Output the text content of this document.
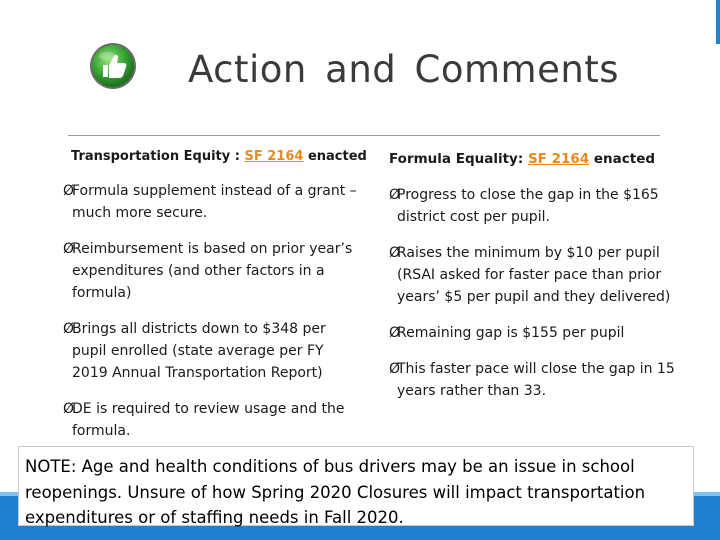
Action and Comments
Transportation Equity : SF 2164 enacted
Ø
Formula supplement instead of a grant – much more secure.
Ø
Reimbursement is based on prior year’s expenditures (and other factors in a formula)
Ø
Brings all districts down to $348 per pupil enrolled (state average per FY 2019 Annual Transportation Report)
Ø
DE is required to review usage and the formula.
Formula Equality: SF 2164 enacted
Ø
Progress to close the gap in the $165 district cost per pupil.
Ø
Raises the minimum by $10 per pupil (RSAI asked for faster pace than prior years’ $5 per pupil and they delivered)
Ø
Remaining gap is $155 per pupil
Ø
This faster pace will close the gap in 15 years rather than 33.
NOTE: Age and health conditions of bus drivers may be an issue in school reopenings. Unsure of how Spring 2020 Closures will impact transportation expenditures or of staffing needs in Fall 2020.
